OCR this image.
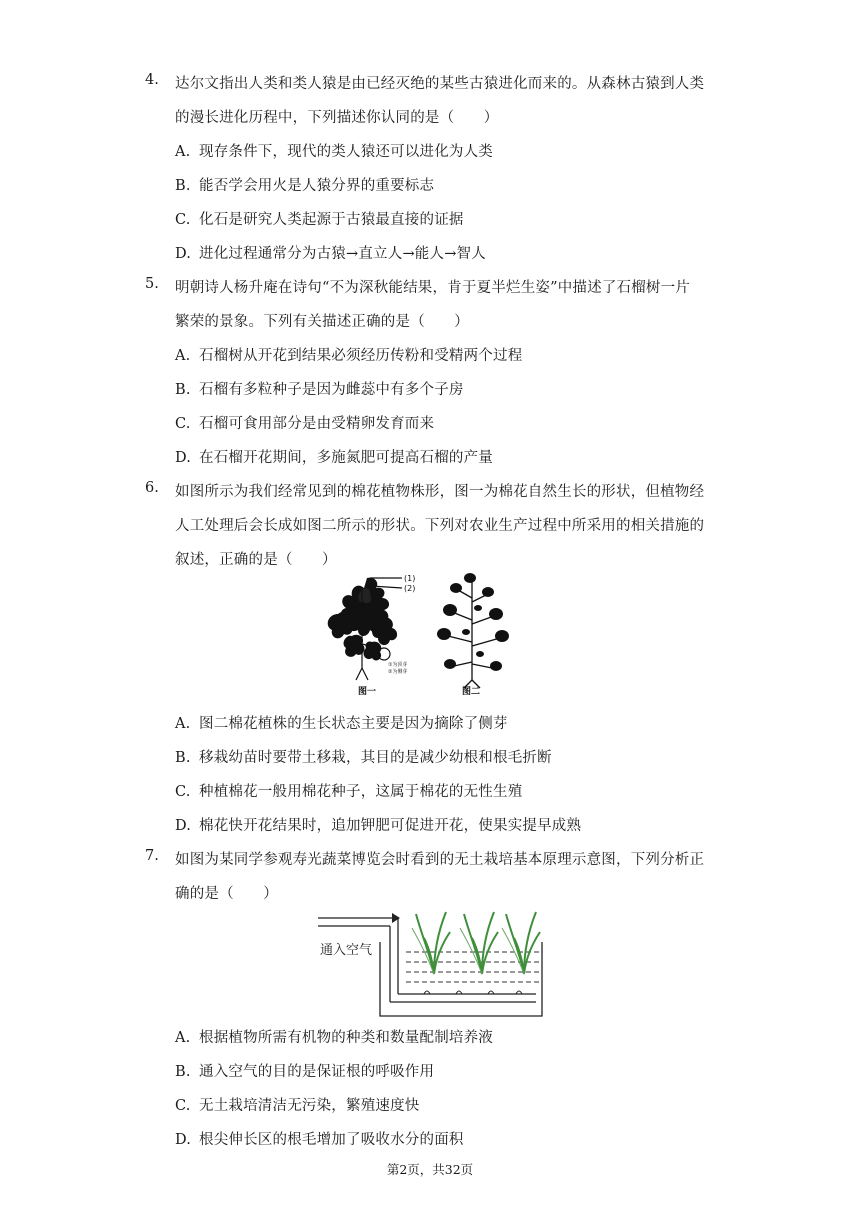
4. 达尔文指出人类和类人猿是由已经灭绝的某些古猿进化而来的。从森林古猿到人类
的漫长进化历程中，下列描述你认同的是（　　）
A. 现存条件下，现代的类人猿还可以进化为人类
B. 能否学会用火是人猿分界的重要标志
C. 化石是研究人类起源于古猿最直接的证据
D. 进化过程通常分为古猿→直立人→能人→智人
5. 明朝诗人杨升庵在诗句“不为深秋能结果，肯于夏半烂生姿”中描述了石榴树一片
繁荣的景象。下列有关描述正确的是（　　）
A. 石榴树从开花到结果必须经历传粉和受精两个过程
B. 石榴有多粒种子是因为雌蕊中有多个子房
C. 石榴可食用部分是由受精卵发育而来
D. 在石榴开花期间，多施氮肥可提高石榴的产量
6. 如图所示为我们经常见到的棉花植物株形，图一为棉花自然生长的形状，但植物经
人工处理后会长成如图二所示的形状。下列对农业生产过程中所采用的相关措施的
叙述，正确的是（　　）
(1)
(2)
①为顶芽
②为侧芽
图一	图二
A. 图二棉花植株的生长状态主要是因为摘除了侧芽
B. 移栽幼苗时要带土移栽，其目的是减少幼根和根毛折断
C. 种植棉花一般用棉花种子，这属于棉花的无性生殖
D. 棉花快开花结果时，追加钾肥可促进开花，使果实提早成熟
7. 如图为某同学参观寿光蔬菜博览会时看到的无土栽培基本原理示意图，下列分析正
确的是（　　）
通入空气
A. 根据植物所需有机物的种类和数量配制培养液
B. 通入空气的目的是保证根的呼吸作用
C. 无土栽培清洁无污染，繁殖速度快
D. 根尖伸长区的根毛增加了吸收水分的面积
第2页，共32页
